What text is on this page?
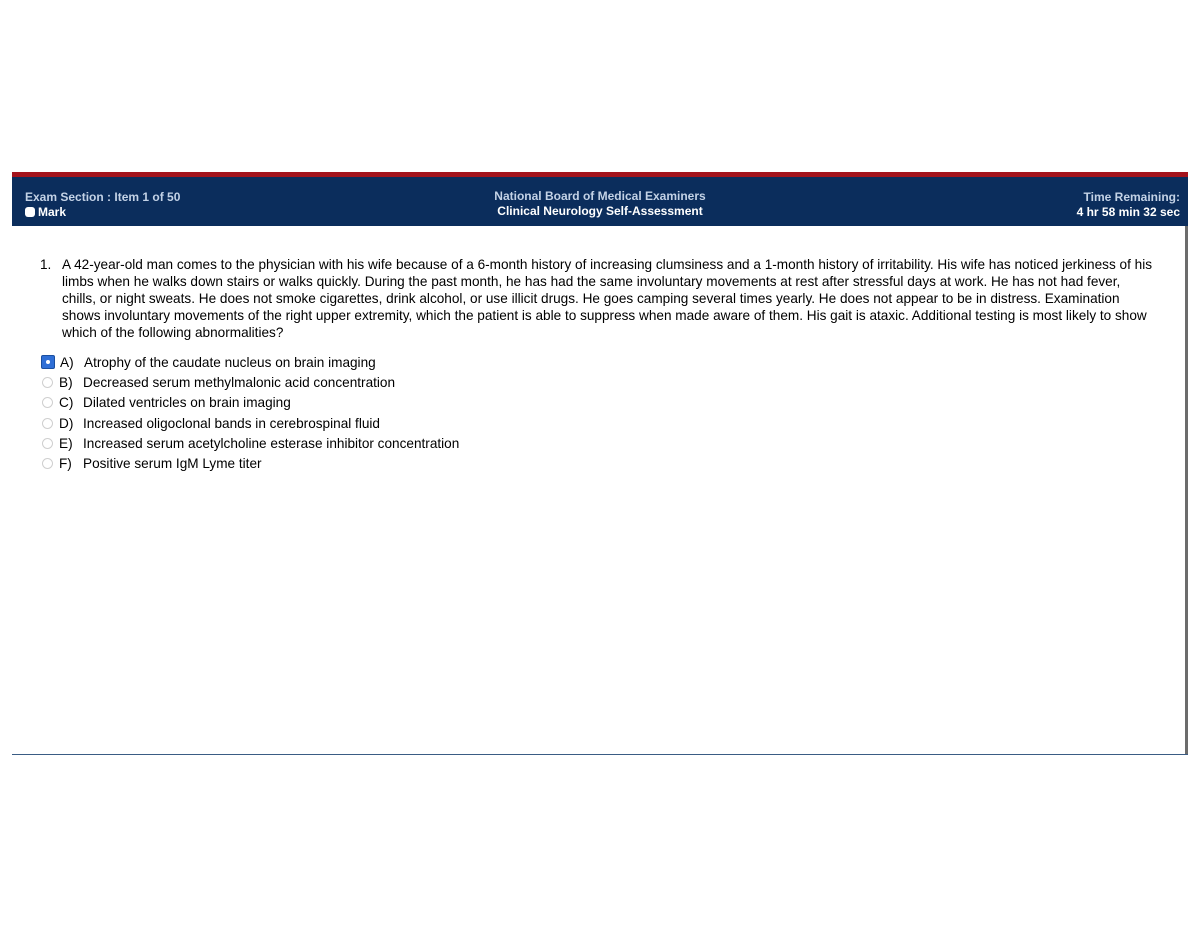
Exam Section : Item 1 of 50
Mark
National Board of Medical Examiners
Clinical Neurology Self-Assessment
Time Remaining:
4 hr 58 min 32 sec
1. A 42-year-old man comes to the physician with his wife because of a 6-month history of increasing clumsiness and a 1-month history of irritability. His wife has noticed jerkiness of his limbs when he walks down stairs or walks quickly. During the past month, he has had the same involuntary movements at rest after stressful days at work. He has not had fever, chills, or night sweats. He does not smoke cigarettes, drink alcohol, or use illicit drugs. He goes camping several times yearly. He does not appear to be in distress. Examination shows involuntary movements of the right upper extremity, which the patient is able to suppress when made aware of them. His gait is ataxic. Additional testing is most likely to show which of the following abnormalities?
A) Atrophy of the caudate nucleus on brain imaging
B) Decreased serum methylmalonic acid concentration
C) Dilated ventricles on brain imaging
D) Increased oligoclonal bands in cerebrospinal fluid
E) Increased serum acetylcholine esterase inhibitor concentration
F) Positive serum IgM Lyme titer
